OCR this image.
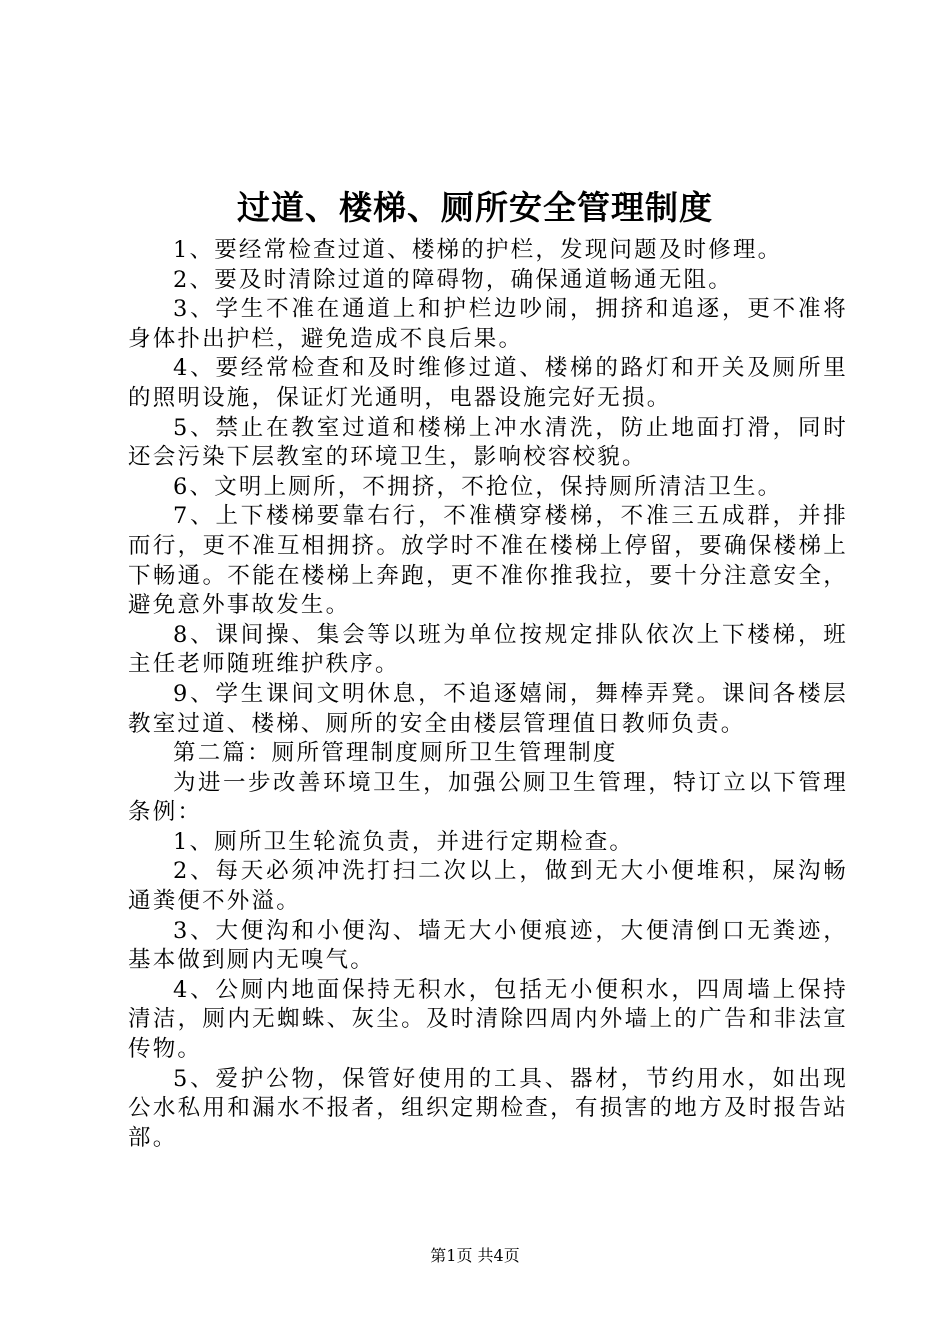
过道、楼梯、厕所安全管理制度

1、要经常检查过道、楼梯的护栏，发现问题及时修理。

2、要及时清除过道的障碍物，确保通道畅通无阻。

3、学生不准在通道上和护栏边吵闹，拥挤和追逐，更不准将身体扑出护栏，避免造成不良后果。

4、要经常检查和及时维修过道、楼梯的路灯和开关及厕所里的照明设施，保证灯光通明，电器设施完好无损。

5、禁止在教室过道和楼梯上冲水清洗，防止地面打滑，同时还会污染下层教室的环境卫生，影响校容校貌。

6、文明上厕所，不拥挤，不抢位，保持厕所清洁卫生。

7、上下楼梯要靠右行，不准横穿楼梯，不准三五成群，并排而行，更不准互相拥挤。放学时不准在楼梯上停留，要确保楼梯上下畅通。不能在楼梯上奔跑，更不准你推我拉，要十分注意安全，避免意外事故发生。

8、课间操、集会等以班为单位按规定排队依次上下楼梯，班主任老师随班维护秩序。

9、学生课间文明休息，不追逐嬉闹，舞棒弄凳。课间各楼层教室过道、楼梯、厕所的安全由楼层管理值日教师负责。

第二篇：厕所管理制度厕所卫生管理制度

为进一步改善环境卫生，加强公厕卫生管理，特订立以下管理条例：

1、厕所卫生轮流负责，并进行定期检查。

2、每天必须冲洗打扫二次以上，做到无大小便堆积，屎沟畅通粪便不外溢。

3、大便沟和小便沟、墙无大小便痕迹，大便清倒口无粪迹，基本做到厕内无嗅气。

4、公厕内地面保持无积水，包括无小便积水，四周墙上保持清洁，厕内无蜘蛛、灰尘。及时清除四周内外墙上的广告和非法宣传物。

5、爱护公物，保管好使用的工具、器材，节约用水，如出现公水私用和漏水不报者，组织定期检查，有损害的地方及时报告站部。

第1页 共4页
